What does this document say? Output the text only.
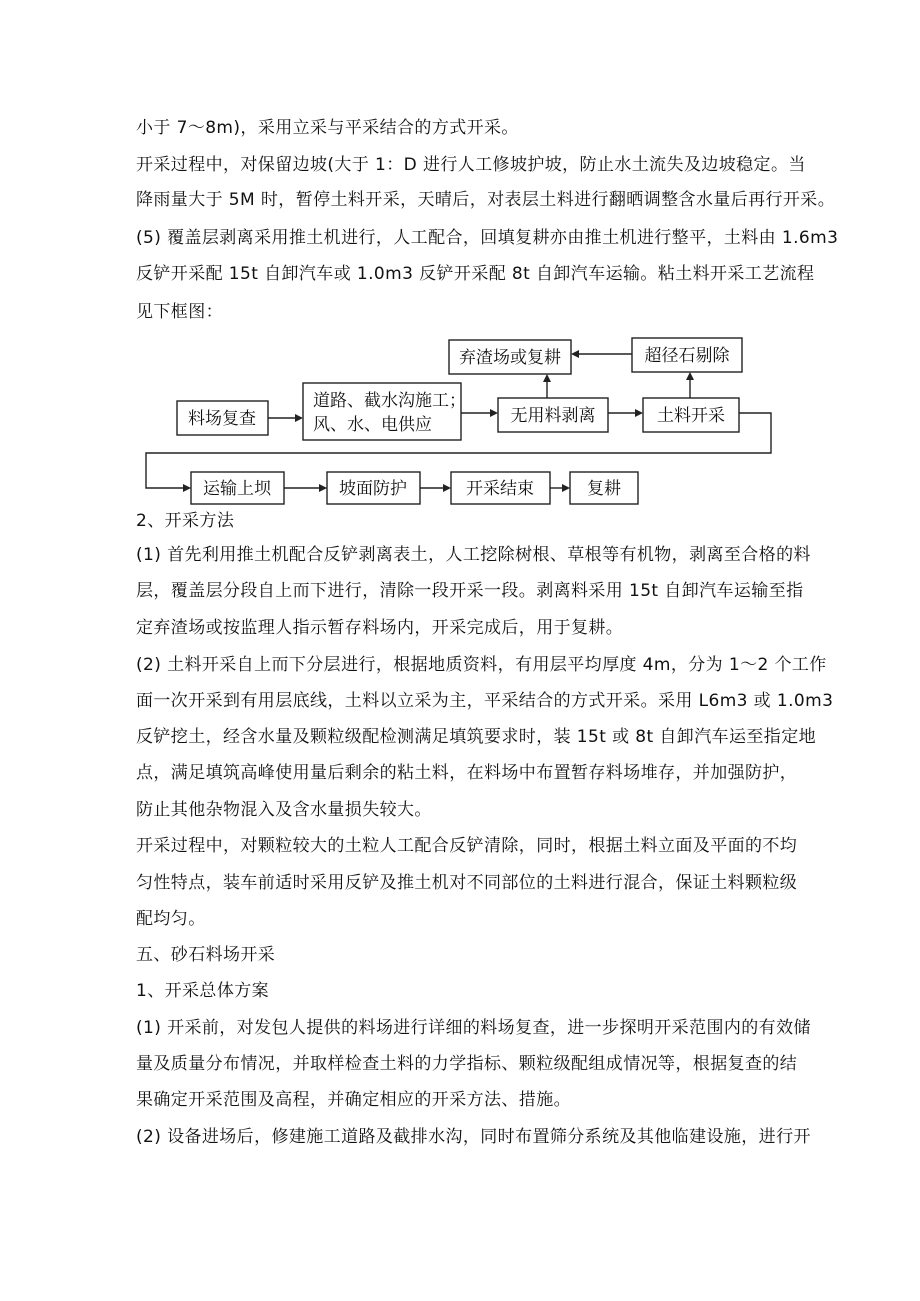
小于 7～8m)，采用立采与平采结合的方式开采。
开采过程中，对保留边坡(大于 1：D 进行人工修坡护坡，防止水土流失及边坡稳定。当
降雨量大于 5M 时，暂停土料开采，天晴后，对表层土料进行翻晒调整含水量后再行开采。
(5) 覆盖层剥离采用推土机进行，人工配合，回填复耕亦由推土机进行整平，土料由 1.6m3
反铲开采配 15t 自卸汽车或 1.0m3 反铲开采配 8t 自卸汽车运输。粘土料开采工艺流程
见下框图：
弃渣场或复耕	超径石剔除
料场复查
道路、截水沟施工；
风、水、电供应	无用料剥离	土料开采
运输上坝	坡面防护	开采结束	复耕
2、开采方法
(1) 首先利用推土机配合反铲剥离表土，人工挖除树根、草根等有机物，剥离至合格的料
层，覆盖层分段自上而下进行，清除一段开采一段。剥离料采用 15t 自卸汽车运输至指
定弃渣场或按监理人指示暂存料场内，开采完成后，用于复耕。
(2) 土料开采自上而下分层进行，根据地质资料，有用层平均厚度 4m，分为 1～2 个工作
面一次开采到有用层底线，土料以立采为主，平采结合的方式开采。采用 L6m3 或 1.0m3
反铲挖土，经含水量及颗粒级配检测满足填筑要求时，装 15t 或 8t 自卸汽车运至指定地
点，满足填筑高峰使用量后剩余的粘土料，在料场中布置暂存料场堆存，并加强防护，
防止其他杂物混入及含水量损失较大。
开采过程中，对颗粒较大的土粒人工配合反铲清除，同时，根据土料立面及平面的不均
匀性特点，装车前适时采用反铲及推土机对不同部位的土料进行混合，保证土料颗粒级
配均匀。
五、砂石料场开采
1、开采总体方案
(1) 开采前，对发包人提供的料场进行详细的料场复查，进一步探明开采范围内的有效储
量及质量分布情况，并取样检查土料的力学指标、颗粒级配组成情况等，根据复查的结
果确定开采范围及高程，并确定相应的开采方法、措施。
(2) 设备进场后，修建施工道路及截排水沟，同时布置筛分系统及其他临建设施，进行开
